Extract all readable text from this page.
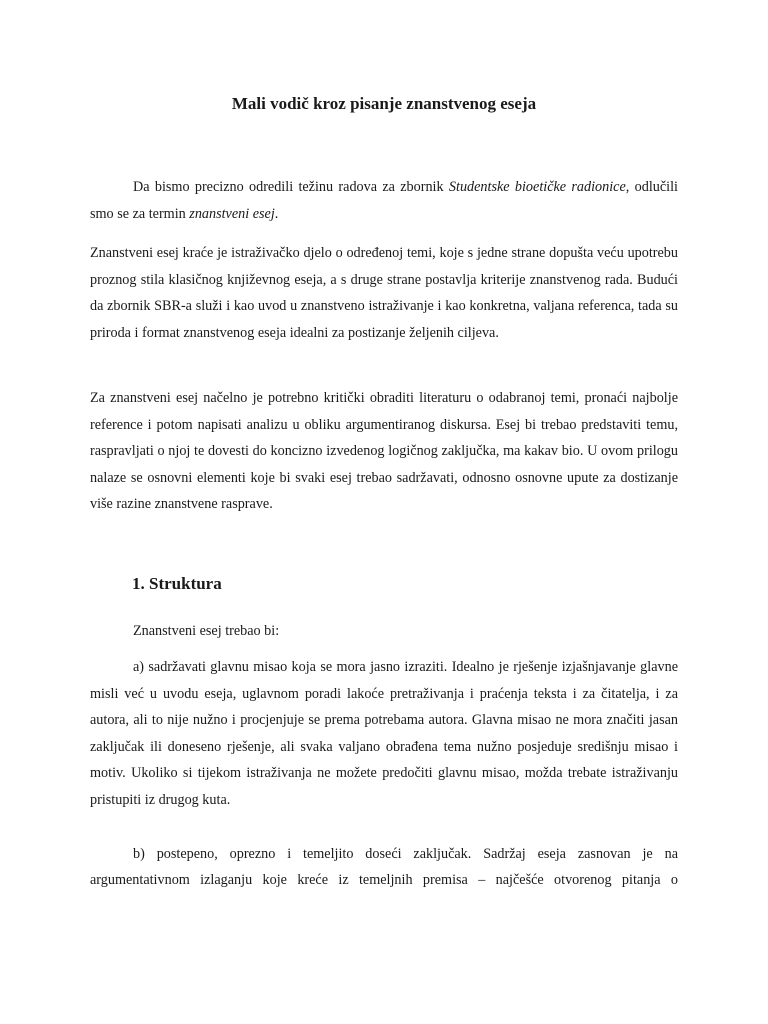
Mali vodič kroz pisanje znanstvenog eseja

Da bismo precizno odredili težinu radova za zbornik Studentske bioetičke radionice, odlučili smo se za termin znanstveni esej.

Znanstveni esej kraće je istraživačko djelo o određenoj temi, koje s jedne strane dopušta veću upotrebu proznog stila klasičnog književnog eseja, a s druge strane postavlja kriterije znanstvenog rada. Budući da zbornik SBR-a služi i kao uvod u znanstveno istraživanje i kao konkretna, valjana referenca, tada su priroda i format znanstvenog eseja idealni za postizanje željenih ciljeva.

Za znanstveni esej načelno je potrebno kritički obraditi literaturu o odabranoj temi, pronaći najbolje reference i potom napisati analizu u obliku argumentiranog diskursa. Esej bi trebao predstaviti temu, raspravljati o njoj te dovesti do koncizno izvedenog logičnog zaključka, ma kakav bio. U ovom prilogu nalaze se osnovni elementi koje bi svaki esej trebao sadržavati, odnosno osnovne upute za dostizanje više razine znanstvene rasprave.

1. Struktura

Znanstveni esej trebao bi:

a) sadržavati glavnu misao koja se mora jasno izraziti. Idealno je rješenje izjašnjavanje glavne misli već u uvodu eseja, uglavnom poradi lakoće pretraživanja i praćenja teksta i za čitatelja, i za autora, ali to nije nužno i procjenjuje se prema potrebama autora. Glavna misao ne mora značiti jasan zaključak ili doneseno rješenje, ali svaka valjano obrađena tema nužno posjeduje središnju misao i motiv. Ukoliko si tijekom istraživanja ne možete predočiti glavnu misao, možda trebate istraživanju pristupiti iz drugog kuta.

b) postepeno, oprezno i temeljito doseći zaključak. Sadržaj eseja zasnovan je na

argumentativnom izlaganju koje kreće iz temeljnih premisa – najčešće otvorenog pitanja o
